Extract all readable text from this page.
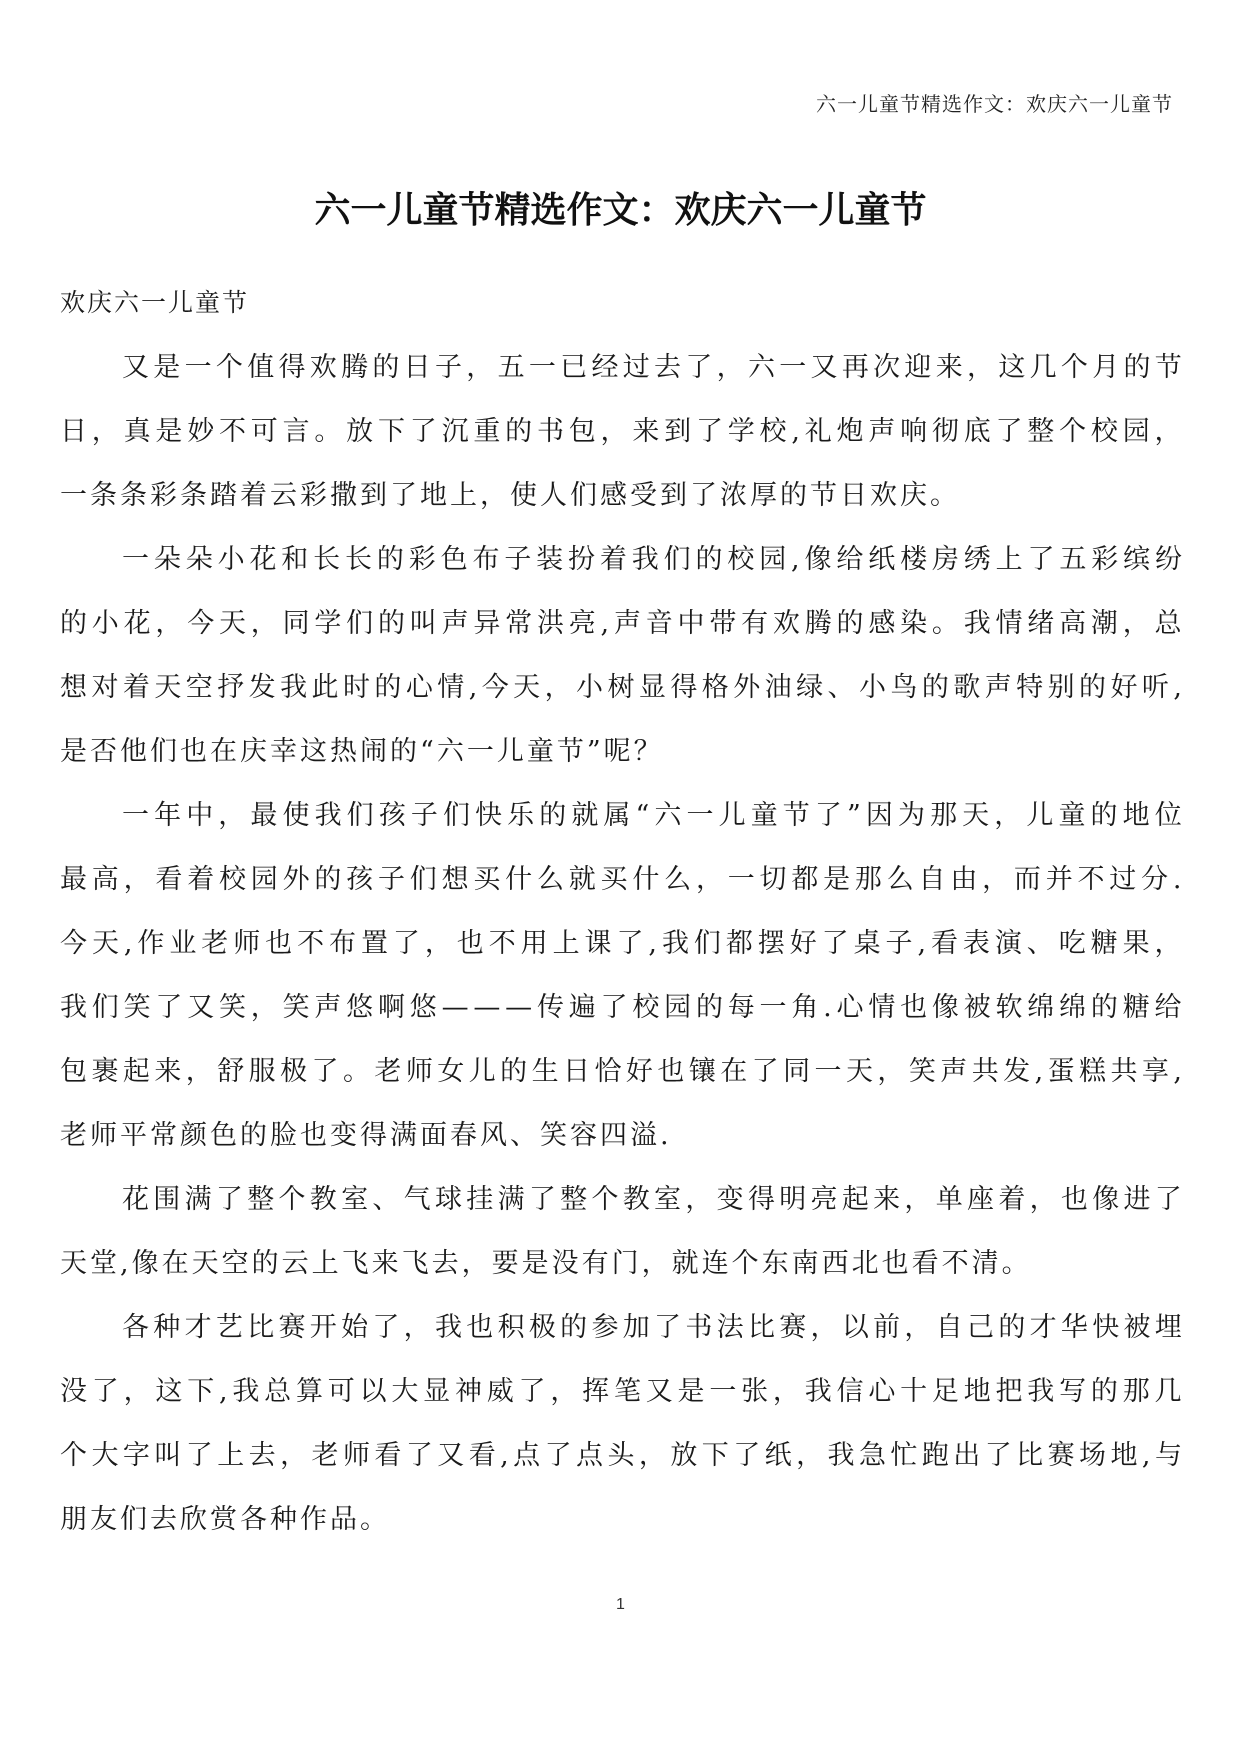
六一儿童节精选作文：欢庆六一儿童节
六一儿童节精选作文：欢庆六一儿童节
欢庆六一儿童节
又 是 一 个 值 得 欢 腾 的 日 子 ， 五 一 已 经 过 去 了 ， 六 一 又 再 次 迎 来 ， 这 几 个 月 的 节
日 ， 真 是 妙 不 可 言 。 放 下 了 沉 重 的 书 包 ， 来 到 了 学 校 , 礼 炮 声 响 彻 底 了 整 个 校 园 ，
一 条 条 彩 条 踏 着 云 彩 撒 到 了 地 上 ， 使 人 们 感 受 到 了 浓 厚 的 节 日 欢 庆 。
一 朵 朵 小 花 和 长 长 的 彩 色 布 子 装 扮 着 我 们 的 校 园 , 像 给 纸 楼 房 绣 上 了 五 彩 缤 纷
的 小 花 ， 今 天 ， 同 学 们 的 叫 声 异 常 洪 亮 , 声 音 中 带 有 欢 腾 的 感 染 。 我 情 绪 高 潮 ， 总
想 对 着 天 空 抒 发 我 此 时 的 心 情 , 今 天 ， 小 树 显 得 格 外 油 绿 、 小 鸟 的 歌 声 特 别 的 好 听 ,
是 否 他 们 也 在 庆 幸 这 热 闹 的 “ 六 一 儿 童 节 ” 呢 ？
一 年 中 ， 最 使 我 们 孩 子 们 快 乐 的 就 属 “ 六 一 儿 童 节 了 ” 因 为 那 天 ， 儿 童 的 地 位
最 高 ， 看 着 校 园 外 的 孩 子 们 想 买 什 么 就 买 什 么 ， 一 切 都 是 那 么 自 由 ， 而 并 不 过 分 .
今 天 , 作 业 老 师 也 不 布 置 了 ， 也 不 用 上 课 了 , 我 们 都 摆 好 了 桌 子 , 看 表 演 、 吃 糖 果 ，
我 们 笑 了 又 笑 ， 笑 声 悠 啊 悠 — — — 传 遍 了 校 园 的 每 一 角 . 心 情 也 像 被 软 绵 绵 的 糖 给
包 裹 起 来 ， 舒 服 极 了 。 老 师 女 儿 的 生 日 恰 好 也 镶 在 了 同 一 天 ， 笑 声 共 发 , 蛋 糕 共 享 ,
老 师 平 常 颜 色 的 脸 也 变 得 满 面 春 风 、 笑 容 四 溢 .
花 围 满 了 整 个 教 室 、 气 球 挂 满 了 整 个 教 室 ， 变 得 明 亮 起 来 ， 单 座 着 ， 也 像 进 了
天 堂 , 像 在 天 空 的 云 上 飞 来 飞 去 ， 要 是 没 有 门 ， 就 连 个 东 南 西 北 也 看 不 清 。
各 种 才 艺 比 赛 开 始 了 ， 我 也 积 极 的 参 加 了 书 法 比 赛 ， 以 前 ， 自 己 的 才 华 快 被 埋
没 了 ， 这 下 , 我 总 算 可 以 大 显 神 威 了 ， 挥 笔 又 是 一 张 ， 我 信 心 十 足 地 把 我 写 的 那 几
个 大 字 叫 了 上 去 ， 老 师 看 了 又 看 , 点 了 点 头 ， 放 下 了 纸 ， 我 急 忙 跑 出 了 比 赛 场 地 , 与
朋 友 们 去 欣 赏 各 种 作 品 。
1
